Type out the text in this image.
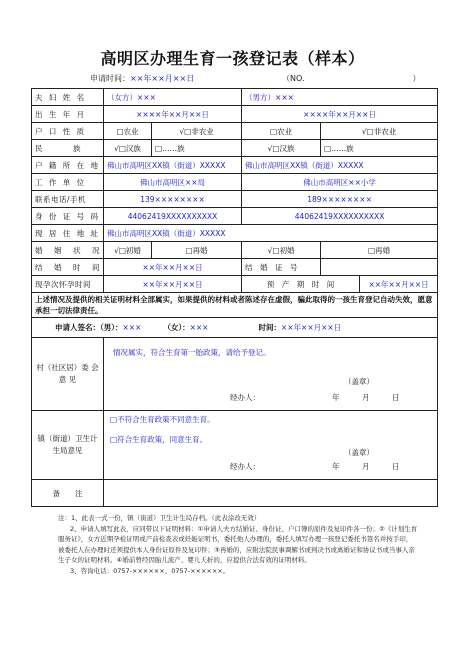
高明区办理生育一孩登记表（样本）
申请时间：××年××月××日	（NO.	）
夫 妇 姓 名	（女方）×××		（男方）×××		
出 生 年 月	××××年××月××日		××××年××月××日		
户 口 性 质	□农业	√□非农业	□农业	√□非农业	
民　　　族	√□汉族	□……族	√□汉族	□……族	
户 籍 所 在 地	佛山市高明区XX镇（街道）XXXXX		佛山市高明区XX镇（街道）XXXXX		
工 作 单 位	佛山市高明区××局		佛山市高明区××小学		
联系电话/手机	139××××××××		189××××××××		
身 份 证 号 码	44062419XXXXXXXXXX		44062419XXXXXXXXXX		
现 居 住 地 址	佛山市高明区XX镇（街道）XXXXX				
婚　姻　状　况	√□初婚	□再婚	√□初婚	□再婚	
结　婚　时　间	××年××月××日		结　婚　证　号		
现孕次怀孕时间	××年××月××日		预　产　期　时　间		××年××月××日
上述情况及提供的相关证明材料全部属实，如果提供的材料或者陈述存在虚假，骗此取得的一孩生育登记自动失效，愿意承担一切法律责任。					
申请人签名：（男）：××× （女）：××× 时间：××年××月××日					
村（社区居）委 会 意 见	情况属实，符合生育第一胎政策，请给予登记。
（盖章）
经办人： 年　　　月　　　日				

镇（街道）卫生计生局意见	□不符合生育政策不同意生育。
□符合生育政策，同意生育。
（盖章）
经办人： 年　　　月　　　日				

备　　注					

注：1、此表一式一份，镇（街道）卫生计生局存档。（此表涂改无效）

2、申请人填写此表，应同带以下证明材料：①申请人夫方结婚证、身份证、户口簿的原件及复印件各一份；②《计划生育服务证》，女方近期孕检证明或产前检查表或妊娠证明书，委托他人办理的，委托人填写办理一孩登记委托书签名并按手印，被委托人在办理时还须提供本人身份证原件及复印件；③再婚的，应附法院民事调解书或判决书或离婚证和协议书或当事人亲生子女的证明材料。④婚前曾经因胎儿流产、婴儿夭折的，应提供合法有效的证明材料。

3、咨询电话：0757-××××××、0757-××××××。
